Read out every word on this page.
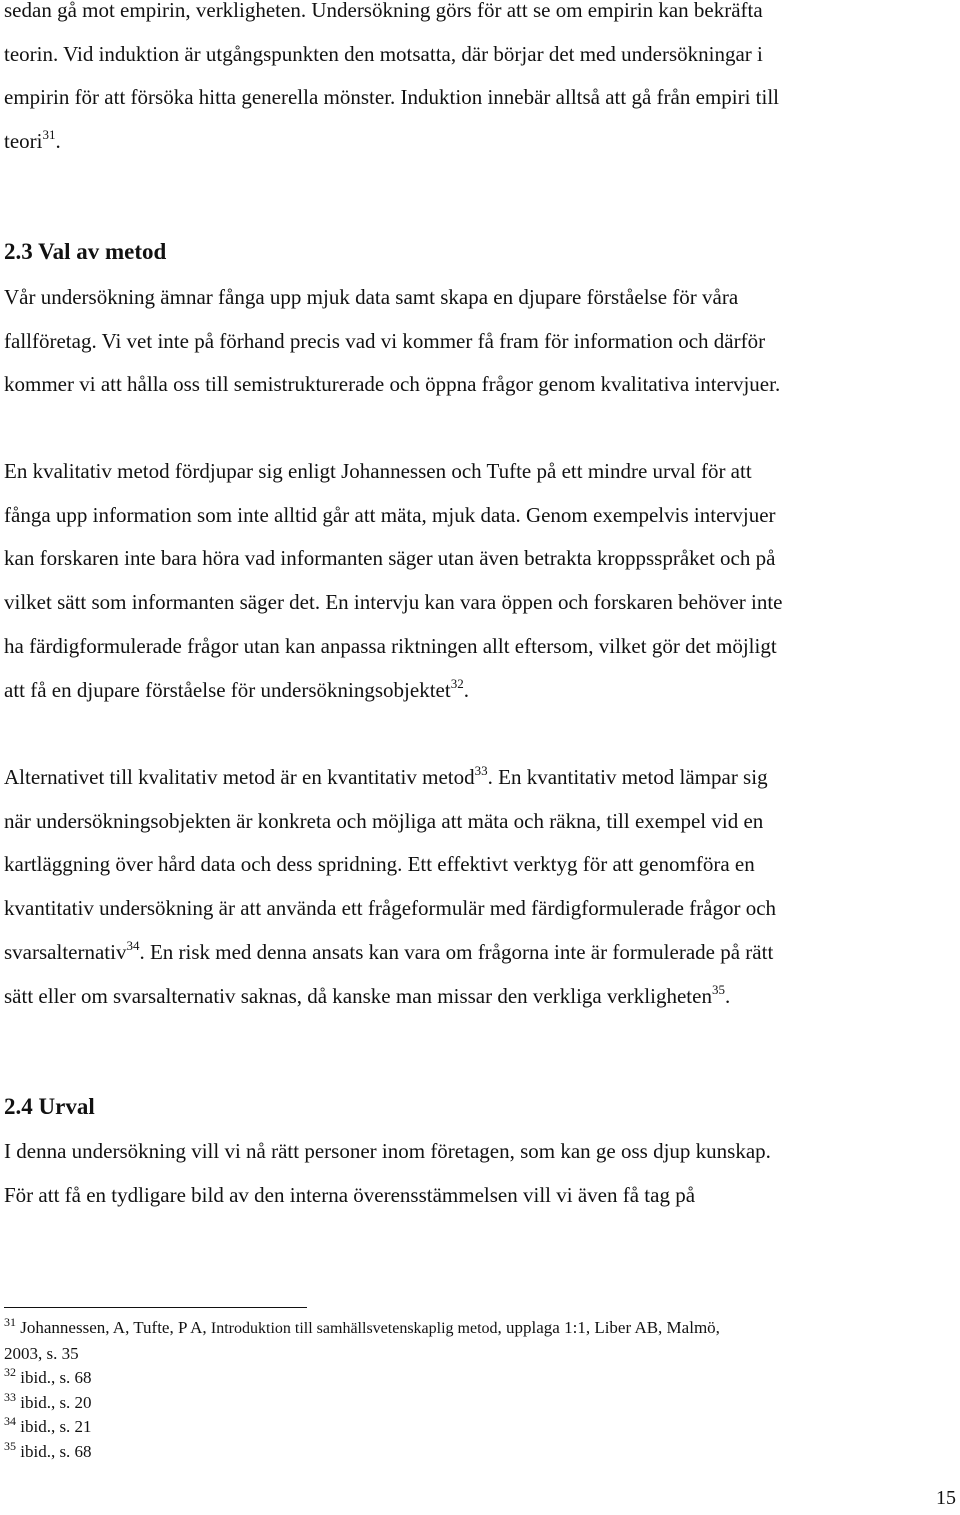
sedan gå mot empirin, verkligheten. Undersökning görs för att se om empirin kan bekräfta
teorin. Vid induktion är utgångspunkten den motsatta, där börjar det med undersökningar i
empirin för att försöka hitta generella mönster. Induktion innebär alltså att gå från empiri till
teori$^{31}$.

2.3 Val av metod

Vår undersökning ämnar fånga upp mjuk data samt skapa en djupare förståelse för våra
fallföretag. Vi vet inte på förhand precis vad vi kommer få fram för information och därför
kommer vi att hålla oss till semistrukturerade och öppna frågor genom kvalitativa intervjuer.

En kvalitativ metod fördjupar sig enligt Johannessen och Tufte på ett mindre urval för att
fånga upp information som inte alltid går att mäta, mjuk data. Genom exempelvis intervjuer
kan forskaren inte bara höra vad informanten säger utan även betrakta kroppsspråket och på
vilket sätt som informanten säger det. En intervju kan vara öppen och forskaren behöver inte
ha färdigformulerade frågor utan kan anpassa riktningen allt eftersom, vilket gör det möjligt
att få en djupare förståelse för undersökningsobjektet$^{32}$.

Alternativet till kvalitativ metod är en kvantitativ metod$^{33}$. En kvantitativ metod lämpar sig
när undersökningsobjekten är konkreta och möjliga att mäta och räkna, till exempel vid en
kartläggning över hård data och dess spridning. Ett effektivt verktyg för att genomföra en
kvantitativ undersökning är att använda ett frågeformulär med färdigformulerade frågor och
svarsalternativ$^{34}$. En risk med denna ansats kan vara om frågorna inte är formulerade på rätt
sätt eller om svarsalternativ saknas, då kanske man missar den verkliga verkligheten$^{35}$.

2.4 Urval

I denna undersökning vill vi nå rätt personer inom företagen, som kan ge oss djup kunskap.
För att få en tydligare bild av den interna överensstämmelsen vill vi även få tag på

$^{31}$ Johannessen, A, Tufte, P A, Introduktion till samhällsvetenskaplig metod, upplaga 1:1, Liber AB, Malmö,
2003, s. 35
$^{32}$ ibid., s. 68
$^{33}$ ibid., s. 20
$^{34}$ ibid., s. 21
$^{35}$ ibid., s. 68
15
